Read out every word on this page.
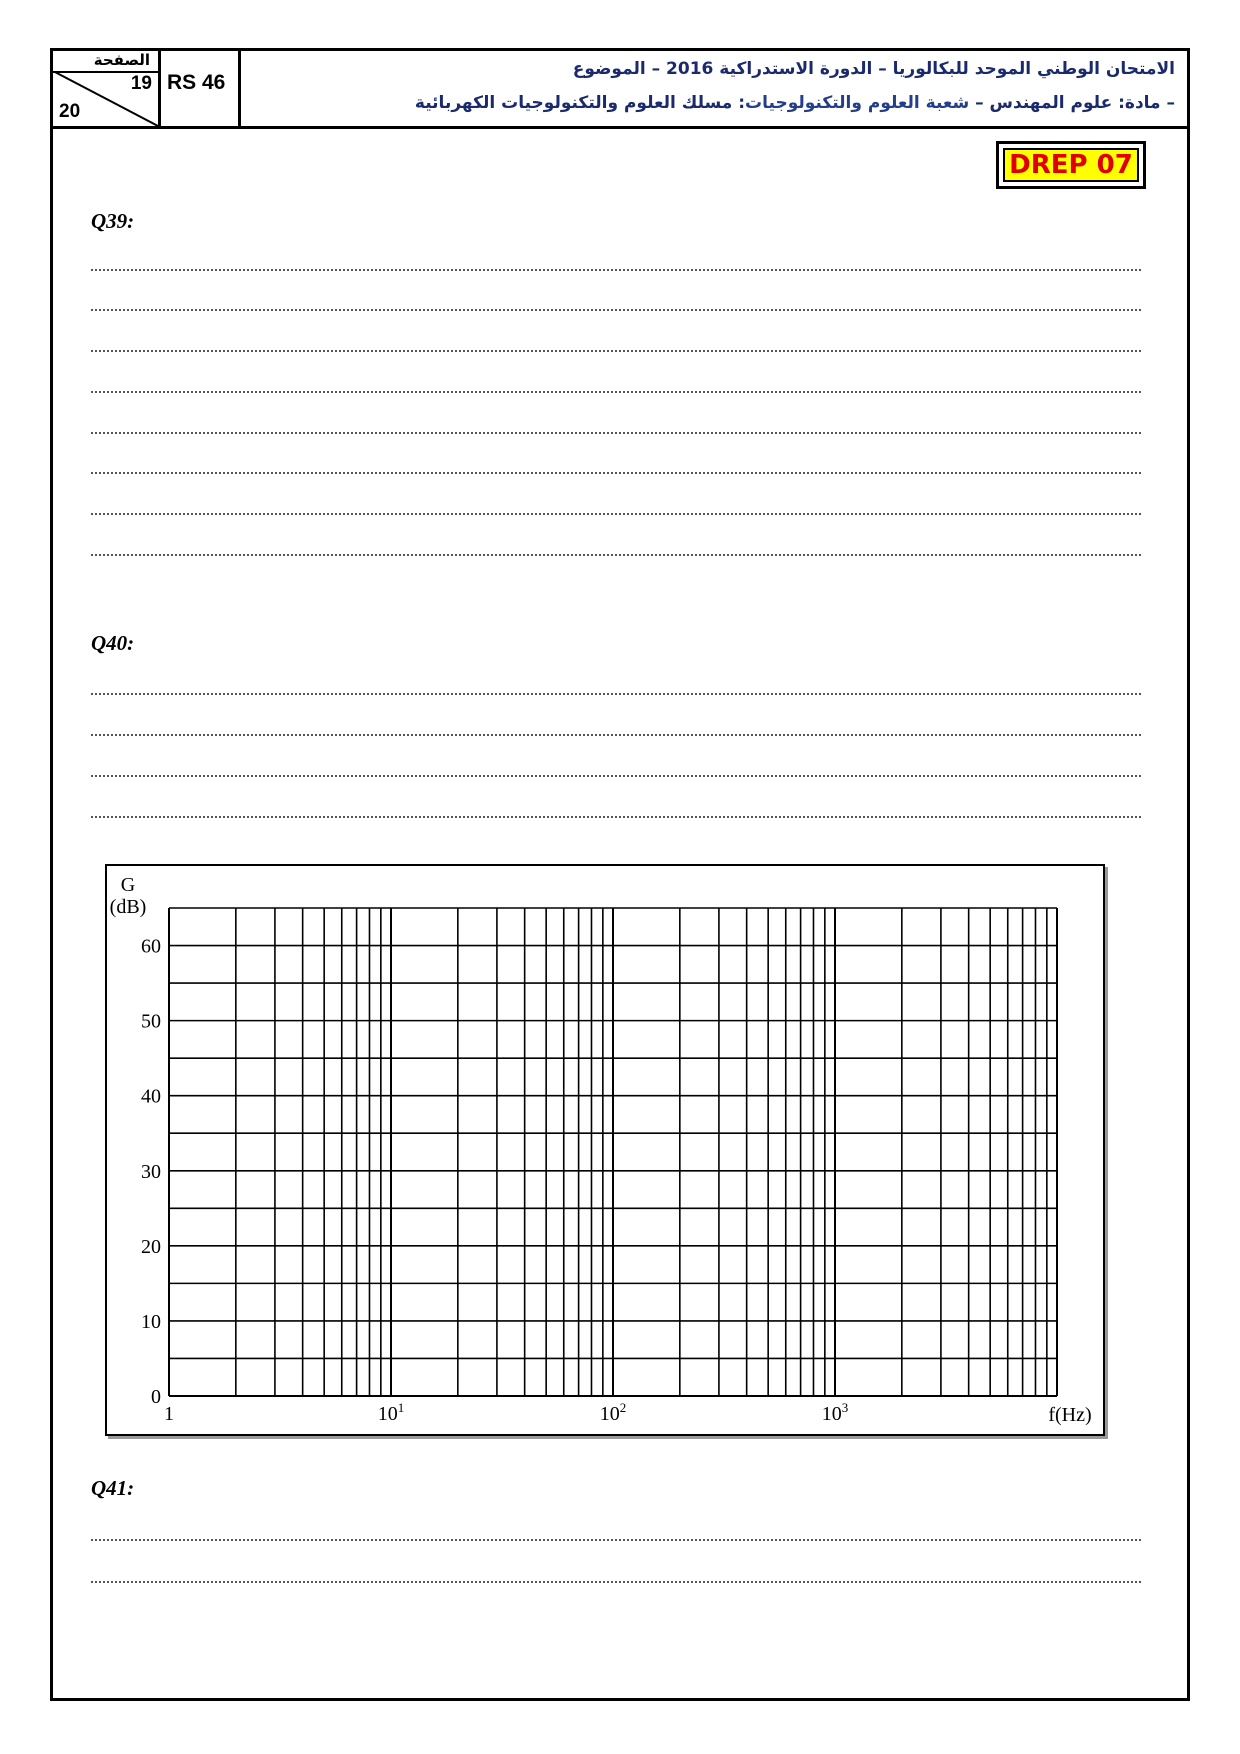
الصفحة
19
20
RS 46
الامتحان الوطني الموحد للبكالوريا – الدورة الاستدراكية 2016 – الموضوع
– مادة: علوم المهندس – شعبة العلوم والتكنولوجيات: مسلك العلوم والتكنولوجيات الكهربائية
DREP 07
Q39:
Q40:
0
10
20
30
40
50
60
1	$10^1$	$10^2$	$10^3$
G
(dB)
f(Hz)
Q41:
